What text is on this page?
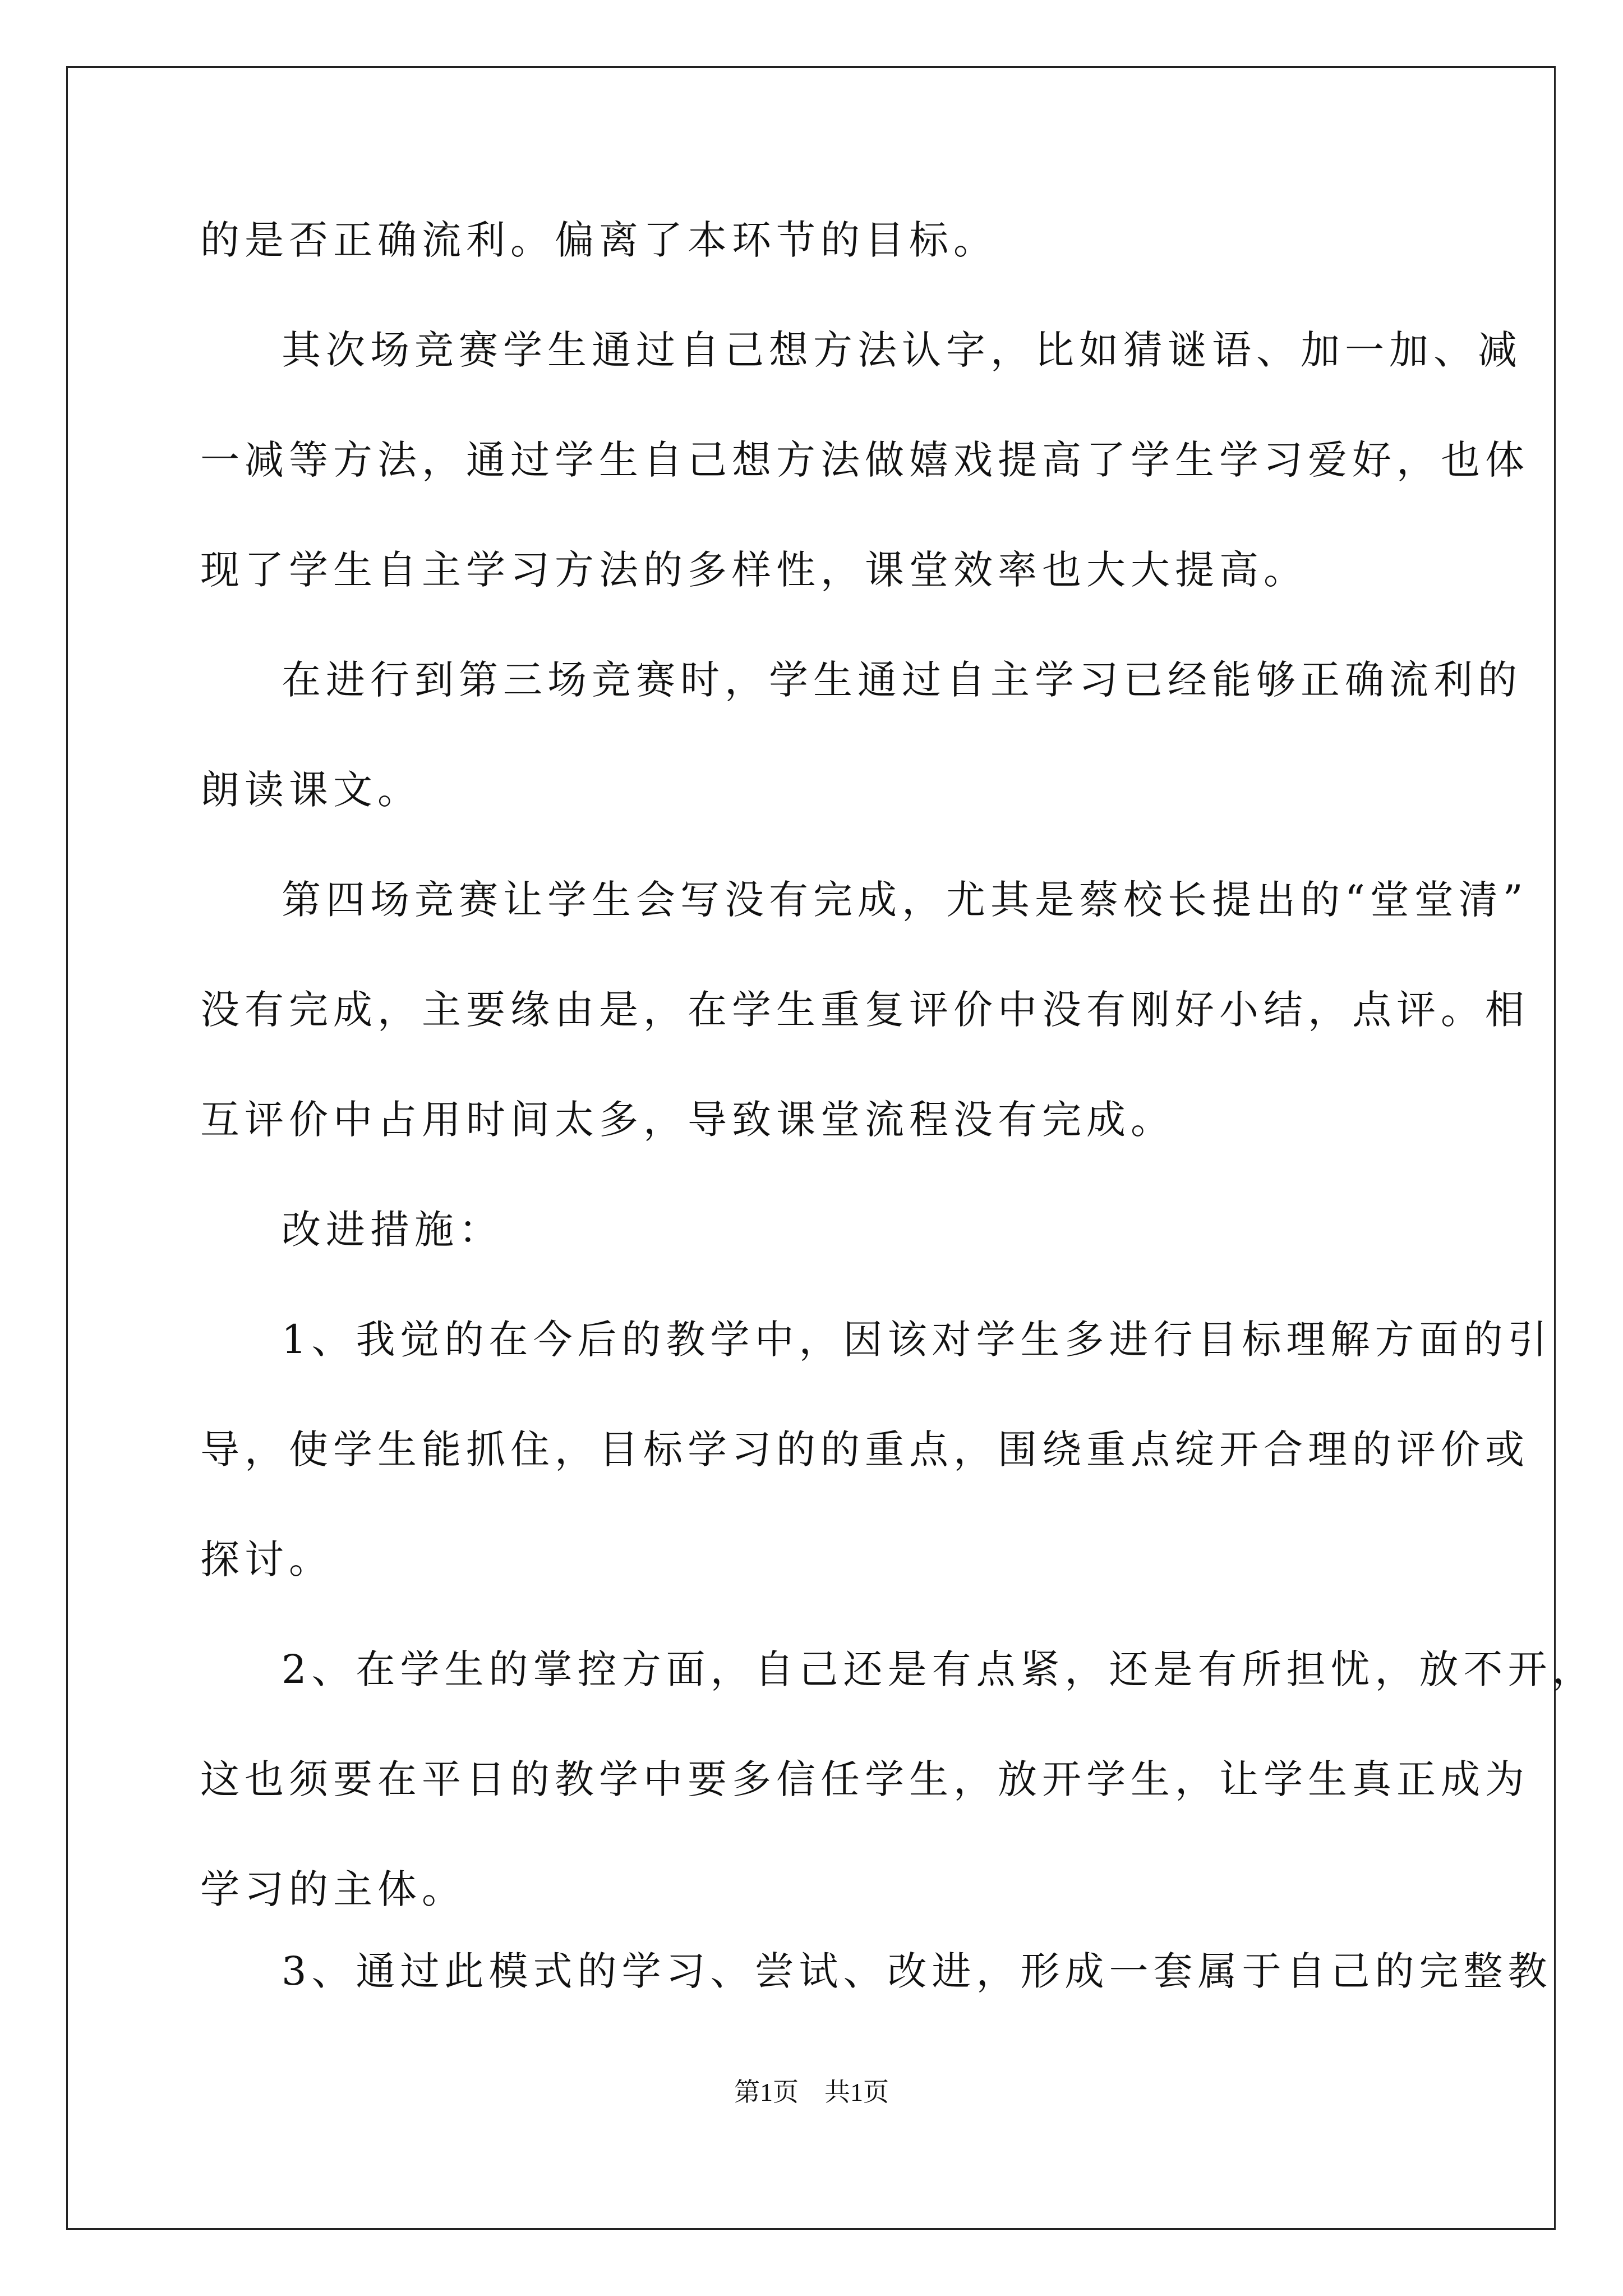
的是否正确流利。偏离了本环节的目标。
其次场竞赛学生通过自己想方法认字，比如猜谜语、加一加、减
一减等方法，通过学生自己想方法做嬉戏提高了学生学习爱好，也体
现了学生自主学习方法的多样性，课堂效率也大大提高。
在进行到第三场竞赛时，学生通过自主学习已经能够正确流利的
朗读课文。
第四场竞赛让学生会写没有完成，尤其是蔡校长提出的“堂堂清”
没有完成，主要缘由是，在学生重复评价中没有刚好小结，点评。相
互评价中占用时间太多，导致课堂流程没有完成。
改进措施：
1、我觉的在今后的教学中，因该对学生多进行目标理解方面的引
导，使学生能抓住，目标学习的的重点，围绕重点绽开合理的评价或
探讨。
2、在学生的掌控方面，自己还是有点紧，还是有所担忧，放不开，
这也须要在平日的教学中要多信任学生，放开学生，让学生真正成为
学习的主体。
3、通过此模式的学习、尝试、改进，形成一套属于自己的完整教
第1页　共1页
